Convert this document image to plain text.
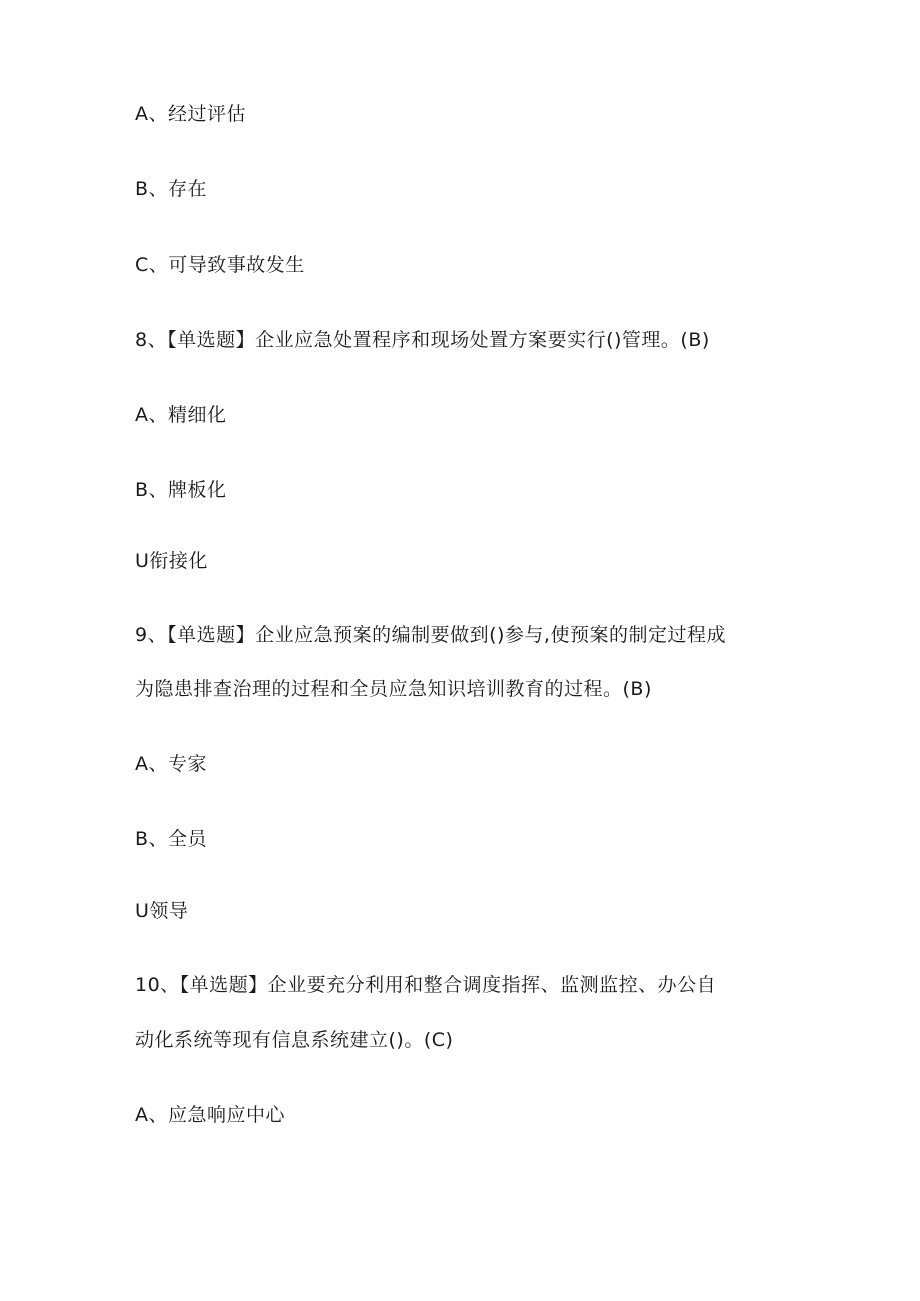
A、经过评估
B、存在
C、可导致事故发生
8、【单选题】企业应急处置程序和现场处置方案要实行()管理。(B)
A、精细化
B、牌板化
U衔接化
9、【单选题】企业应急预案的编制要做到()参与,使预案的制定过程成
为隐患排查治理的过程和全员应急知识培训教育的过程。(B)
A、专家
B、全员
U领导
10、【单选题】企业要充分利用和整合调度指挥、监测监控、办公自
动化系统等现有信息系统建立()。(C)
A、应急响应中心
